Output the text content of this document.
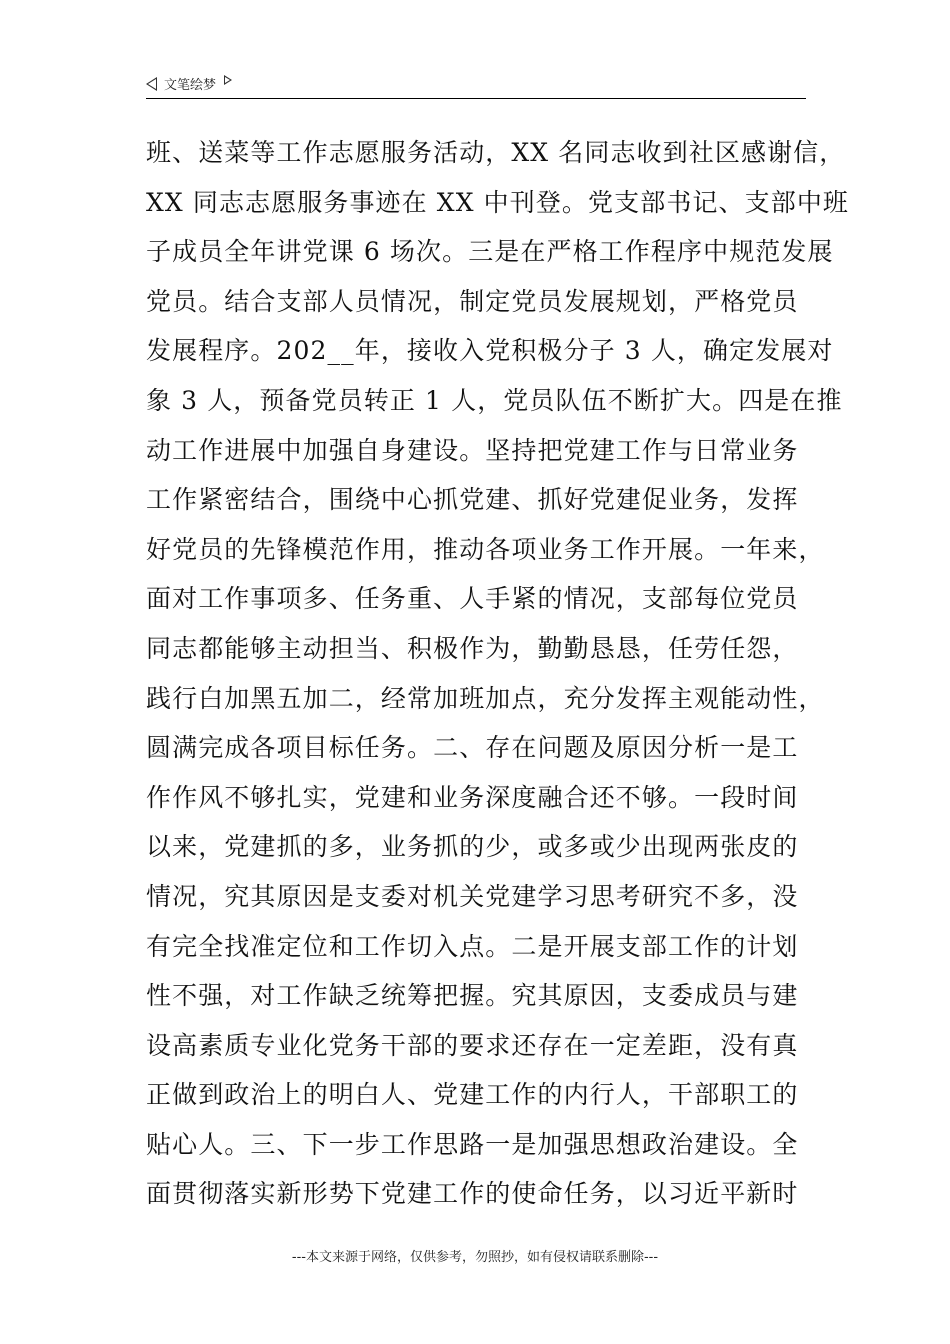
文笔绘梦
班、送菜等工作志愿服务活动，XX 名同志收到社区感谢信，
XX 同志志愿服务事迹在 XX 中刊登。党支部书记、支部中班
子成员全年讲党课 6 场次。三是在严格工作程序中规范发展
党员。结合支部人员情况，制定党员发展规划，严格党员
发展程序。202__年，接收入党积极分子 3 人，确定发展对
象 3 人，预备党员转正 1 人，党员队伍不断扩大。四是在推
动工作进展中加强自身建设。坚持把党建工作与日常业务
工作紧密结合，围绕中心抓党建、抓好党建促业务，发挥
好党员的先锋模范作用，推动各项业务工作开展。一年来，
面对工作事项多、任务重、人手紧的情况，支部每位党员
同志都能够主动担当、积极作为，勤勤恳恳，任劳任怨，
践行白加黑五加二，经常加班加点，充分发挥主观能动性，
圆满完成各项目标任务。二、存在问题及原因分析一是工
作作风不够扎实，党建和业务深度融合还不够。一段时间
以来，党建抓的多，业务抓的少，或多或少出现两张皮的
情况，究其原因是支委对机关党建学习思考研究不多，没
有完全找准定位和工作切入点。二是开展支部工作的计划
性不强，对工作缺乏统筹把握。究其原因，支委成员与建
设高素质专业化党务干部的要求还存在一定差距，没有真
正做到政治上的明白人、党建工作的内行人，干部职工的
贴心人。三、下一步工作思路一是加强思想政治建设。全
面贯彻落实新形势下党建工作的使命任务，以习近平新时
---本文来源于网络，仅供参考，勿照抄，如有侵权请联系删除---
